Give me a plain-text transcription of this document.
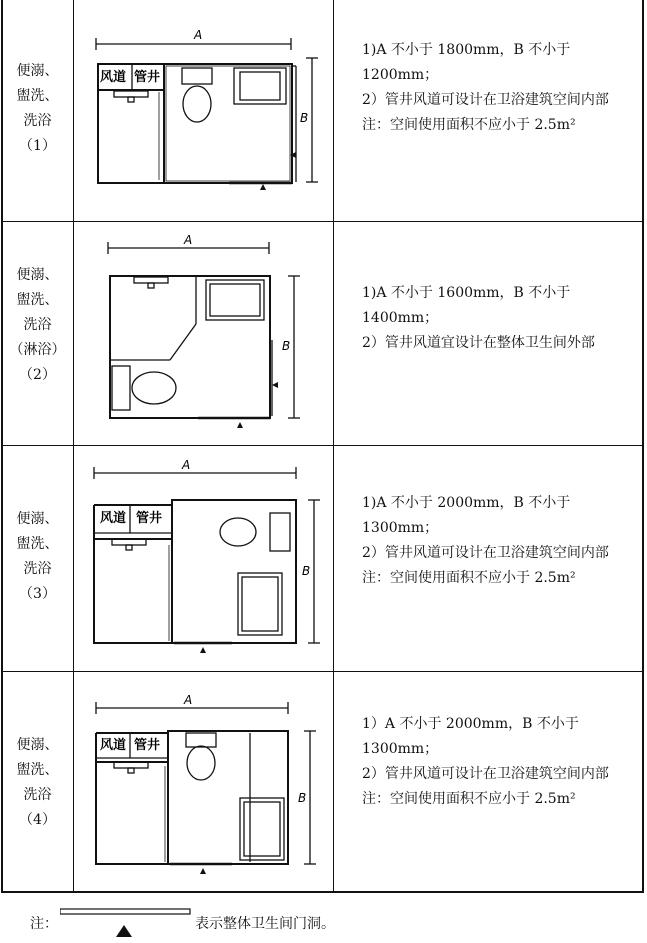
便溺、
盥洗、
洗浴
（1）
A
B
风道 管井

1)A 不小于 1800mm，B 不小于 1200mm；

2）管井风道可设计在卫浴建筑空间内部

注：空间使用面积不应小于 2.5m²

便溺、
盥洗、
洗浴
（淋浴）
（2）
A
B

1)A 不小于 1600mm，B 不小于 1400mm；

2）管井风道宜设计在整体卫生间外部

便溺、
盥洗、
洗浴
（3）
A
B
风道 管井

1)A 不小于 2000mm，B 不小于 1300mm；

2）管井风道可设计在卫浴建筑空间内部

注：空间使用面积不应小于 2.5m²

便溺、
盥洗、
洗浴
（4）
A
B
风道 管井

1）A 不小于 2000mm，B 不小于 1300mm；

2）管井风道可设计在卫浴建筑空间内部

注：空间使用面积不应小于 2.5m²

注：	表示整体卫生间门洞。
